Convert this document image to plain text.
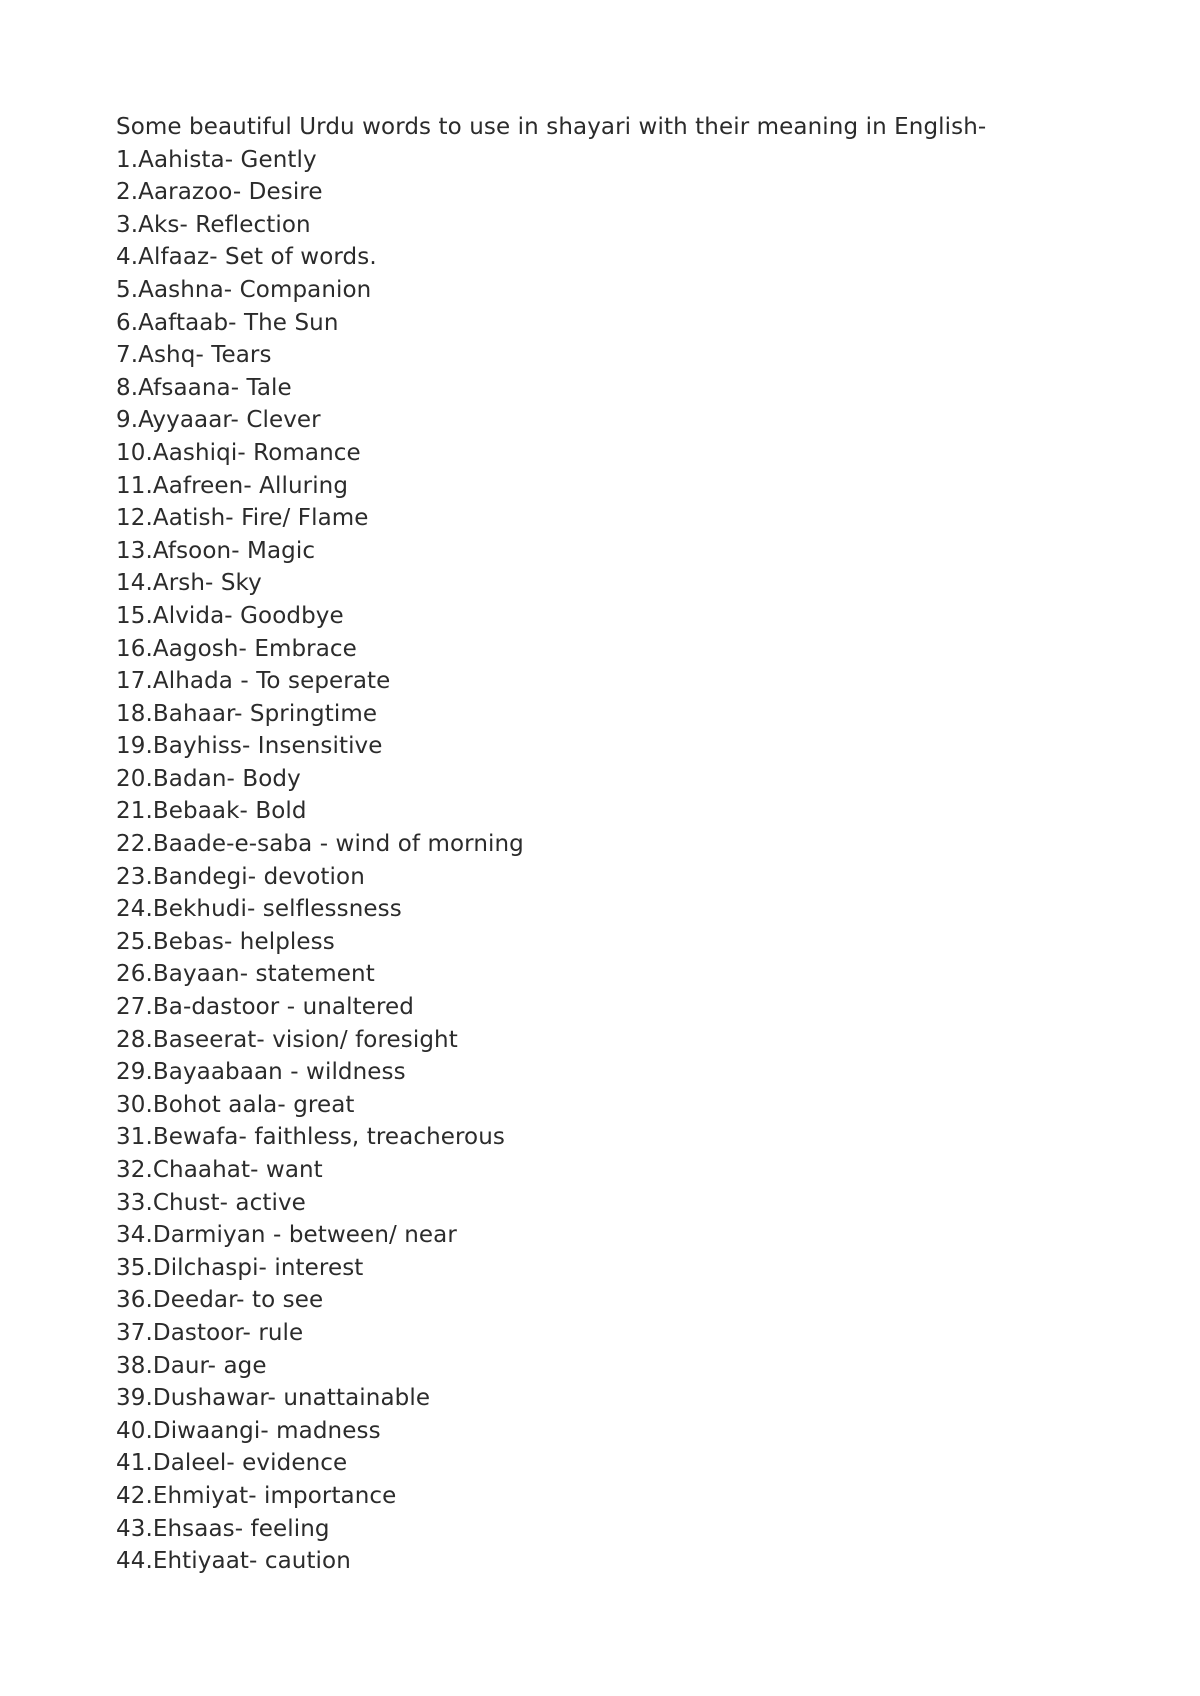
Some beautiful Urdu words to use in shayari with their meaning in English-
1.Aahista- Gently
2.Aarazoo- Desire
3.Aks- Reflection
4.Alfaaz- Set of words.
5.Aashna- Companion
6.Aaftaab- The Sun
7.Ashq- Tears
8.Afsaana- Tale
9.Ayyaaar- Clever
10.Aashiqi- Romance
11.Aafreen- Alluring
12.Aatish- Fire/ Flame
13.Afsoon- Magic
14.Arsh- Sky
15.Alvida- Goodbye
16.Aagosh- Embrace
17.Alhada - To seperate
18.Bahaar- Springtime
19.Bayhiss- Insensitive
20.Badan- Body
21.Bebaak- Bold
22.Baade-e-saba - wind of morning
23.Bandegi- devotion
24.Bekhudi- selflessness
25.Bebas- helpless
26.Bayaan- statement
27.Ba-dastoor - unaltered
28.Baseerat- vision/ foresight
29.Bayaabaan - wildness
30.Bohot aala- great
31.Bewafa- faithless, treacherous
32.Chaahat- want
33.Chust- active
34.Darmiyan - between/ near
35.Dilchaspi- interest
36.Deedar- to see
37.Dastoor- rule
38.Daur- age
39.Dushawar- unattainable
40.Diwaangi- madness
41.Daleel- evidence
42.Ehmiyat- importance
43.Ehsaas- feeling
44.Ehtiyaat- caution
